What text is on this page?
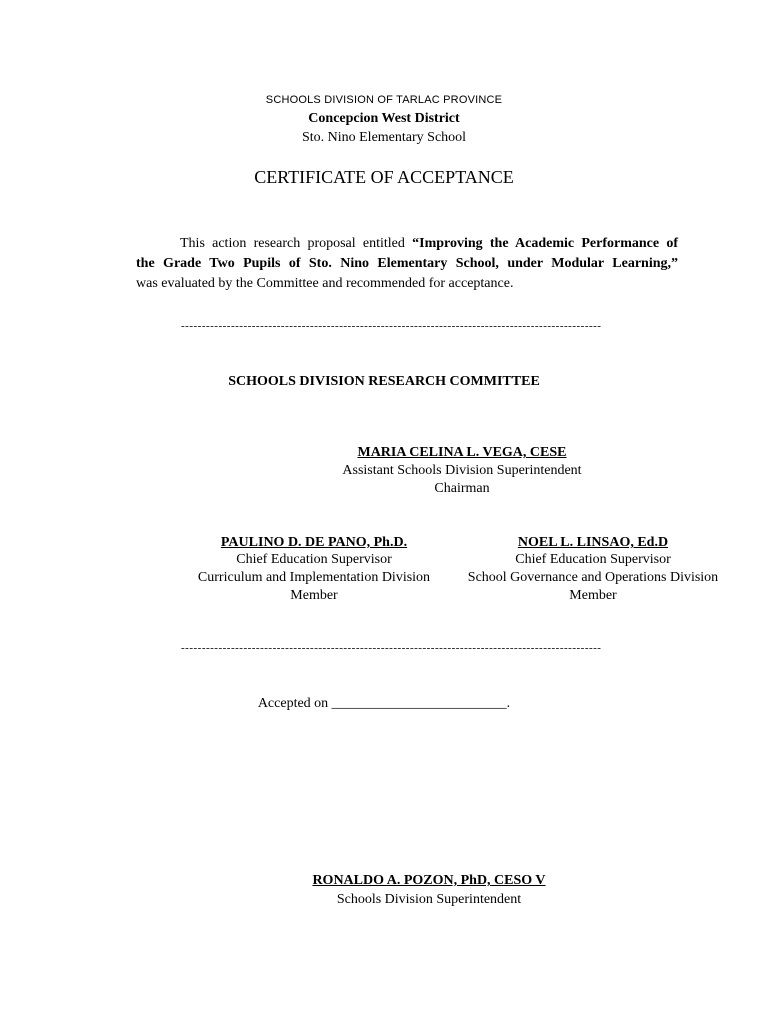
SCHOOLS DIVISION OF TARLAC PROVINCE
Concepcion West District
Sto. Nino Elementary School
CERTIFICATE OF ACCEPTANCE
This action research proposal entitled “Improving the Academic Performance of
the Grade Two Pupils of Sto. Nino Elementary School, under Modular Learning,”
was evaluated by the Committee and recommended for acceptance.
-----------------------------------------------------------------------------------------------------
SCHOOLS DIVISION RESEARCH COMMITTEE
MARIA CELINA L. VEGA, CESE
Assistant Schools Division Superintendent
Chairman
PAULINO D. DE PANO, Ph.D.
Chief Education Supervisor
Curriculum and Implementation Division
Member
NOEL L. LINSAO, Ed.D
Chief Education Supervisor
School Governance and Operations Division
Member
-----------------------------------------------------------------------------------------------------
Accepted on _________________________.
RONALDO A. POZON, PhD, CESO V
Schools Division Superintendent
